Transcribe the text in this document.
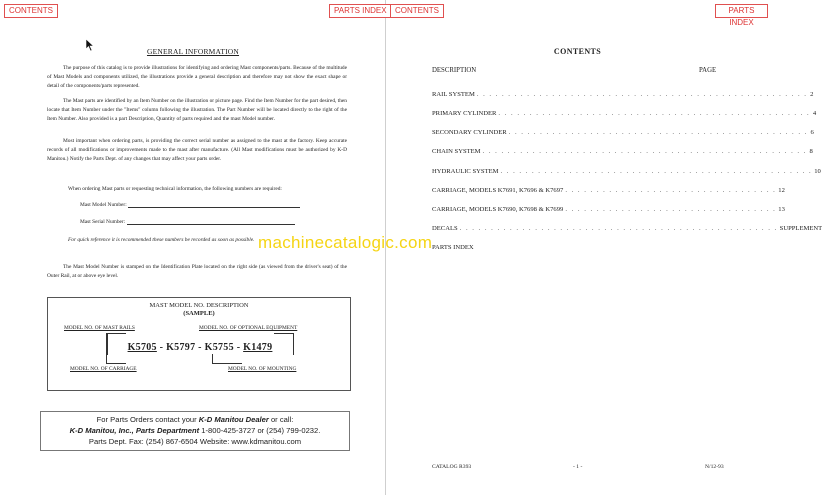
GENERAL INFORMATION
The purpose of this catalog is to provide illustrations for identifying and ordering Mast components/parts. Because of the multitude of Mast Models and components utilized, the illustrations provide a general description and therefore may not show the exact shape or detail of the components/parts represented.
The Mast parts are identified by an Item Number on the illustration or picture page. Find the Item Number for the part desired, then locate that Item Number under the "Items" column following the illustration. The Part Number will be located directly to the right of the Item Number. Also provided is a part Description, Quantity of parts required and the mast Model number.
Most important when ordering parts, is providing the correct serial number as assigned to the mast at the factory. Keep accurate records of all modifications or improvements made to the mast after manufacture. (All Mast modifications must be authorized by K-D Manitou.) Notify the Parts Dept. of any changes that may affect your parts order.
When ordering Mast parts or requesting technical information, the following numbers are required:
Mast Model Number:
Mast Serial Number:
For quick reference it is recommended these numbers be recorded as soon as possible.
The Mast Model Number is stamped on the Identification Plate located on the right side (as viewed from the driver's seat) of the Outer Rail, at or above eye level.
MAST MODEL NO. DESCRIPTION
(SAMPLE)
MODEL NO. OF MAST RAILS	MODEL NO. OF OPTIONAL EQUIPMENT
K5705 - K5797 - K5755 - K1479
MODEL NO. OF CARRIAGE	MODEL NO. OF MOUNTING
For Parts Orders contact your K-D Manitou Dealer or call:
K-D Manitou, Inc., Parts Department 1-800-425-3727 or (254) 799-0232.
Parts Dept. Fax: (254) 867-6504 Website: www.kdmanitou.com
CONTENTS
DESCRIPTION	PAGE
RAIL SYSTEM . . . . . . . . . . . . . . . . . . . . . . . . . . . . . . . . . . . . . . . . . . . . . . . . . . . . . 2
PRIMARY CYLINDER . . . . . . . . . . . . . . . . . . . . . . . . . . . . . . . . . . . . . . . . . . . . . . . . . . 4
SECONDARY CYLINDER . . . . . . . . . . . . . . . . . . . . . . . . . . . . . . . . . . . . . . . . . . . . . . . . 6
CHAIN SYSTEM . . . . . . . . . . . . . . . . . . . . . . . . . . . . . . . . . . . . . . . . . . . . . . . . . . . . 8
HYDRAULIC SYSTEM . . . . . . . . . . . . . . . . . . . . . . . . . . . . . . . . . . . . . . . . . . . . . . . . . . 10
CARRIAGE, MODELS K7691, K7696 & K7697 . . . . . . . . . . . . . . . . . . . . . . . . . . . . . . . . . . 12
CARRIAGE, MODELS K7690, K7698 & K7699 . . . . . . . . . . . . . . . . . . . . . . . . . . . . . . . . . . 13
DECALS . . . . . . . . . . . . . . . . . . . . . . . . . . . . . . . . . . . . . . . . . . . . . . . . . . . SUPPLEMENT
PARTS INDEX
CATALOG R393	- 1 -	N/12-93
machinecatalogic.com
CONTENTS	PARTS INDEX	CONTENTS	PARTS INDEX
